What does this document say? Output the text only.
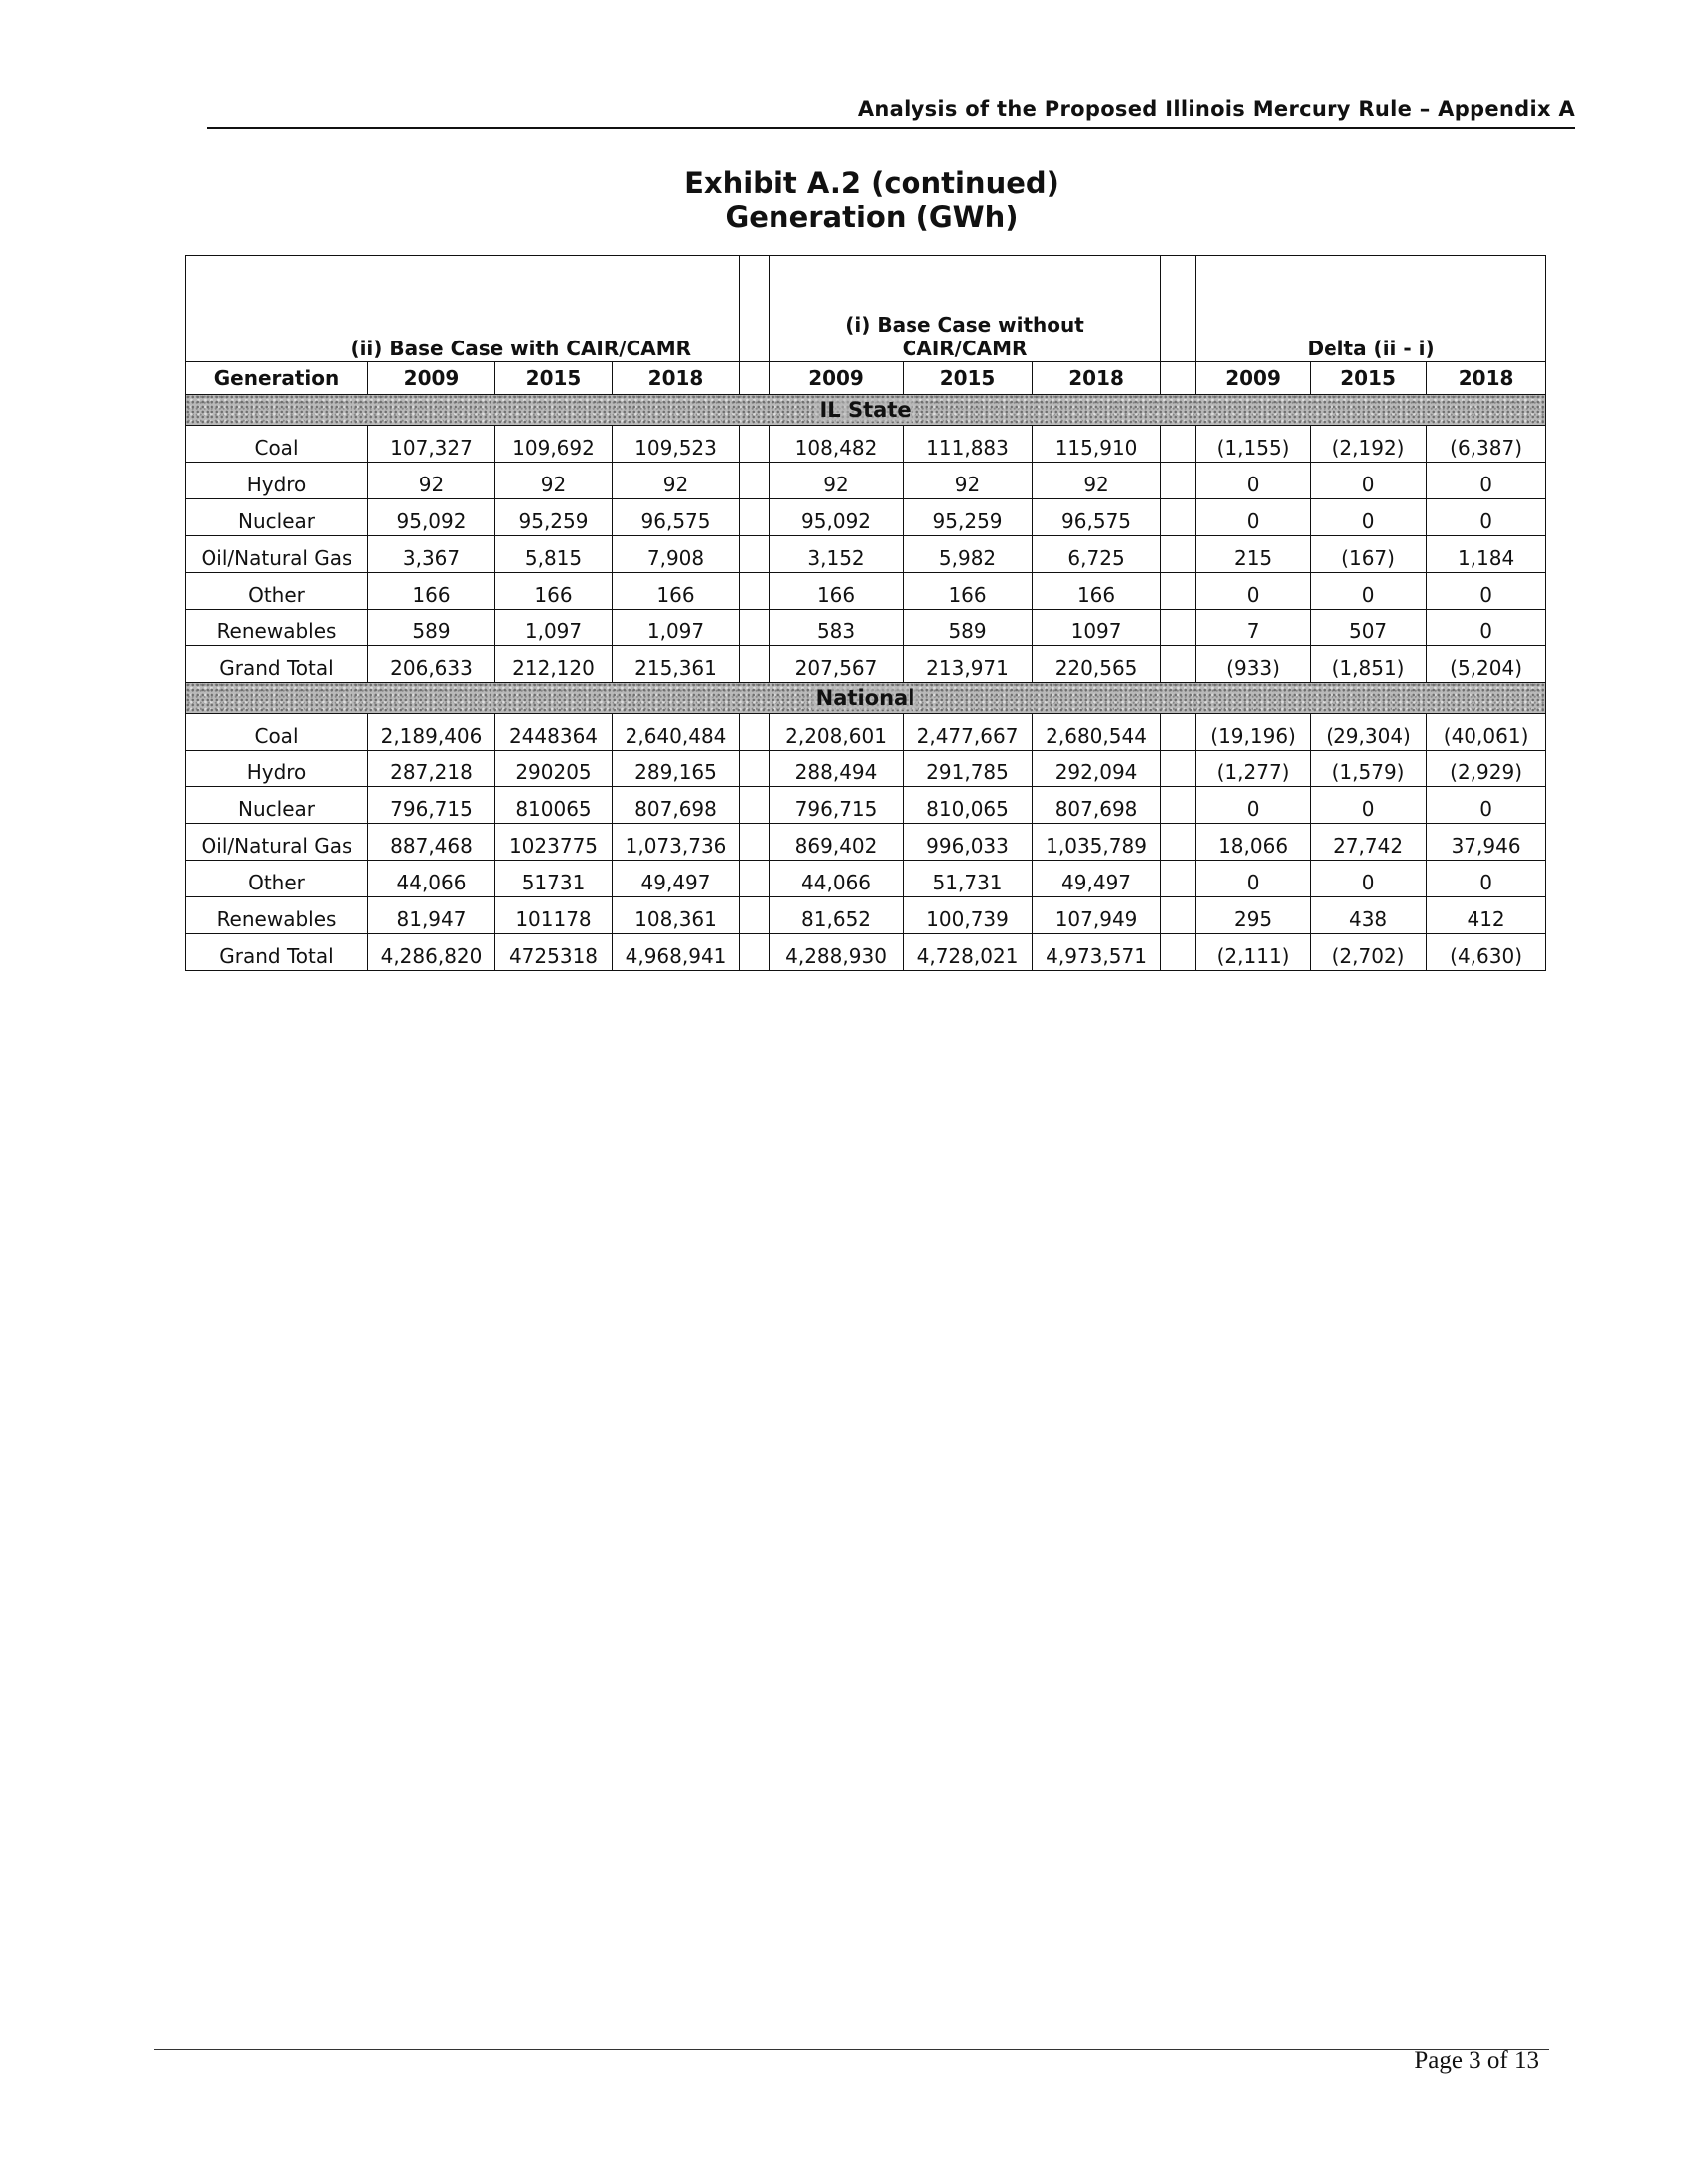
Analysis of the Proposed Illinois Mercury Rule – Appendix A
Exhibit A.2 (continued)
Generation (GWh)
(ii) Base Case with CAIR/CAMR					(i) Base Case without CAIR/CAMR				Delta (ii - i)		
Generation	2009	2015	2018		2009	2015	2018		2009	2015	2018
IL State											
Coal	107,327	109,692	109,523		108,482	111,883	115,910		(1,155)	(2,192)	(6,387)
Hydro	92	92	92		92	92	92		0	0	0
Nuclear	95,092	95,259	96,575		95,092	95,259	96,575		0	0	0
Oil/Natural Gas	3,367	5,815	7,908		3,152	5,982	6,725		215	(167)	1,184
Other	166	166	166		166	166	166		0	0	0
Renewables	589	1,097	1,097		583	589	1097		7	507	0
Grand Total	206,633	212,120	215,361		207,567	213,971	220,565		(933)	(1,851)	(5,204)
National											
Coal	2,189,406	2448364	2,640,484		2,208,601	2,477,667	2,680,544		(19,196)	(29,304)	(40,061)
Hydro	287,218	290205	289,165		288,494	291,785	292,094		(1,277)	(1,579)	(2,929)
Nuclear	796,715	810065	807,698		796,715	810,065	807,698		0	0	0
Oil/Natural Gas	887,468	1023775	1,073,736		869,402	996,033	1,035,789		18,066	27,742	37,946
Other	44,066	51731	49,497		44,066	51,731	49,497		0	0	0
Renewables	81,947	101178	108,361		81,652	100,739	107,949		295	438	412
Grand Total	4,286,820	4725318	4,968,941		4,288,930	4,728,021	4,973,571		(2,111)	(2,702)	(4,630)
Page 3 of 13
